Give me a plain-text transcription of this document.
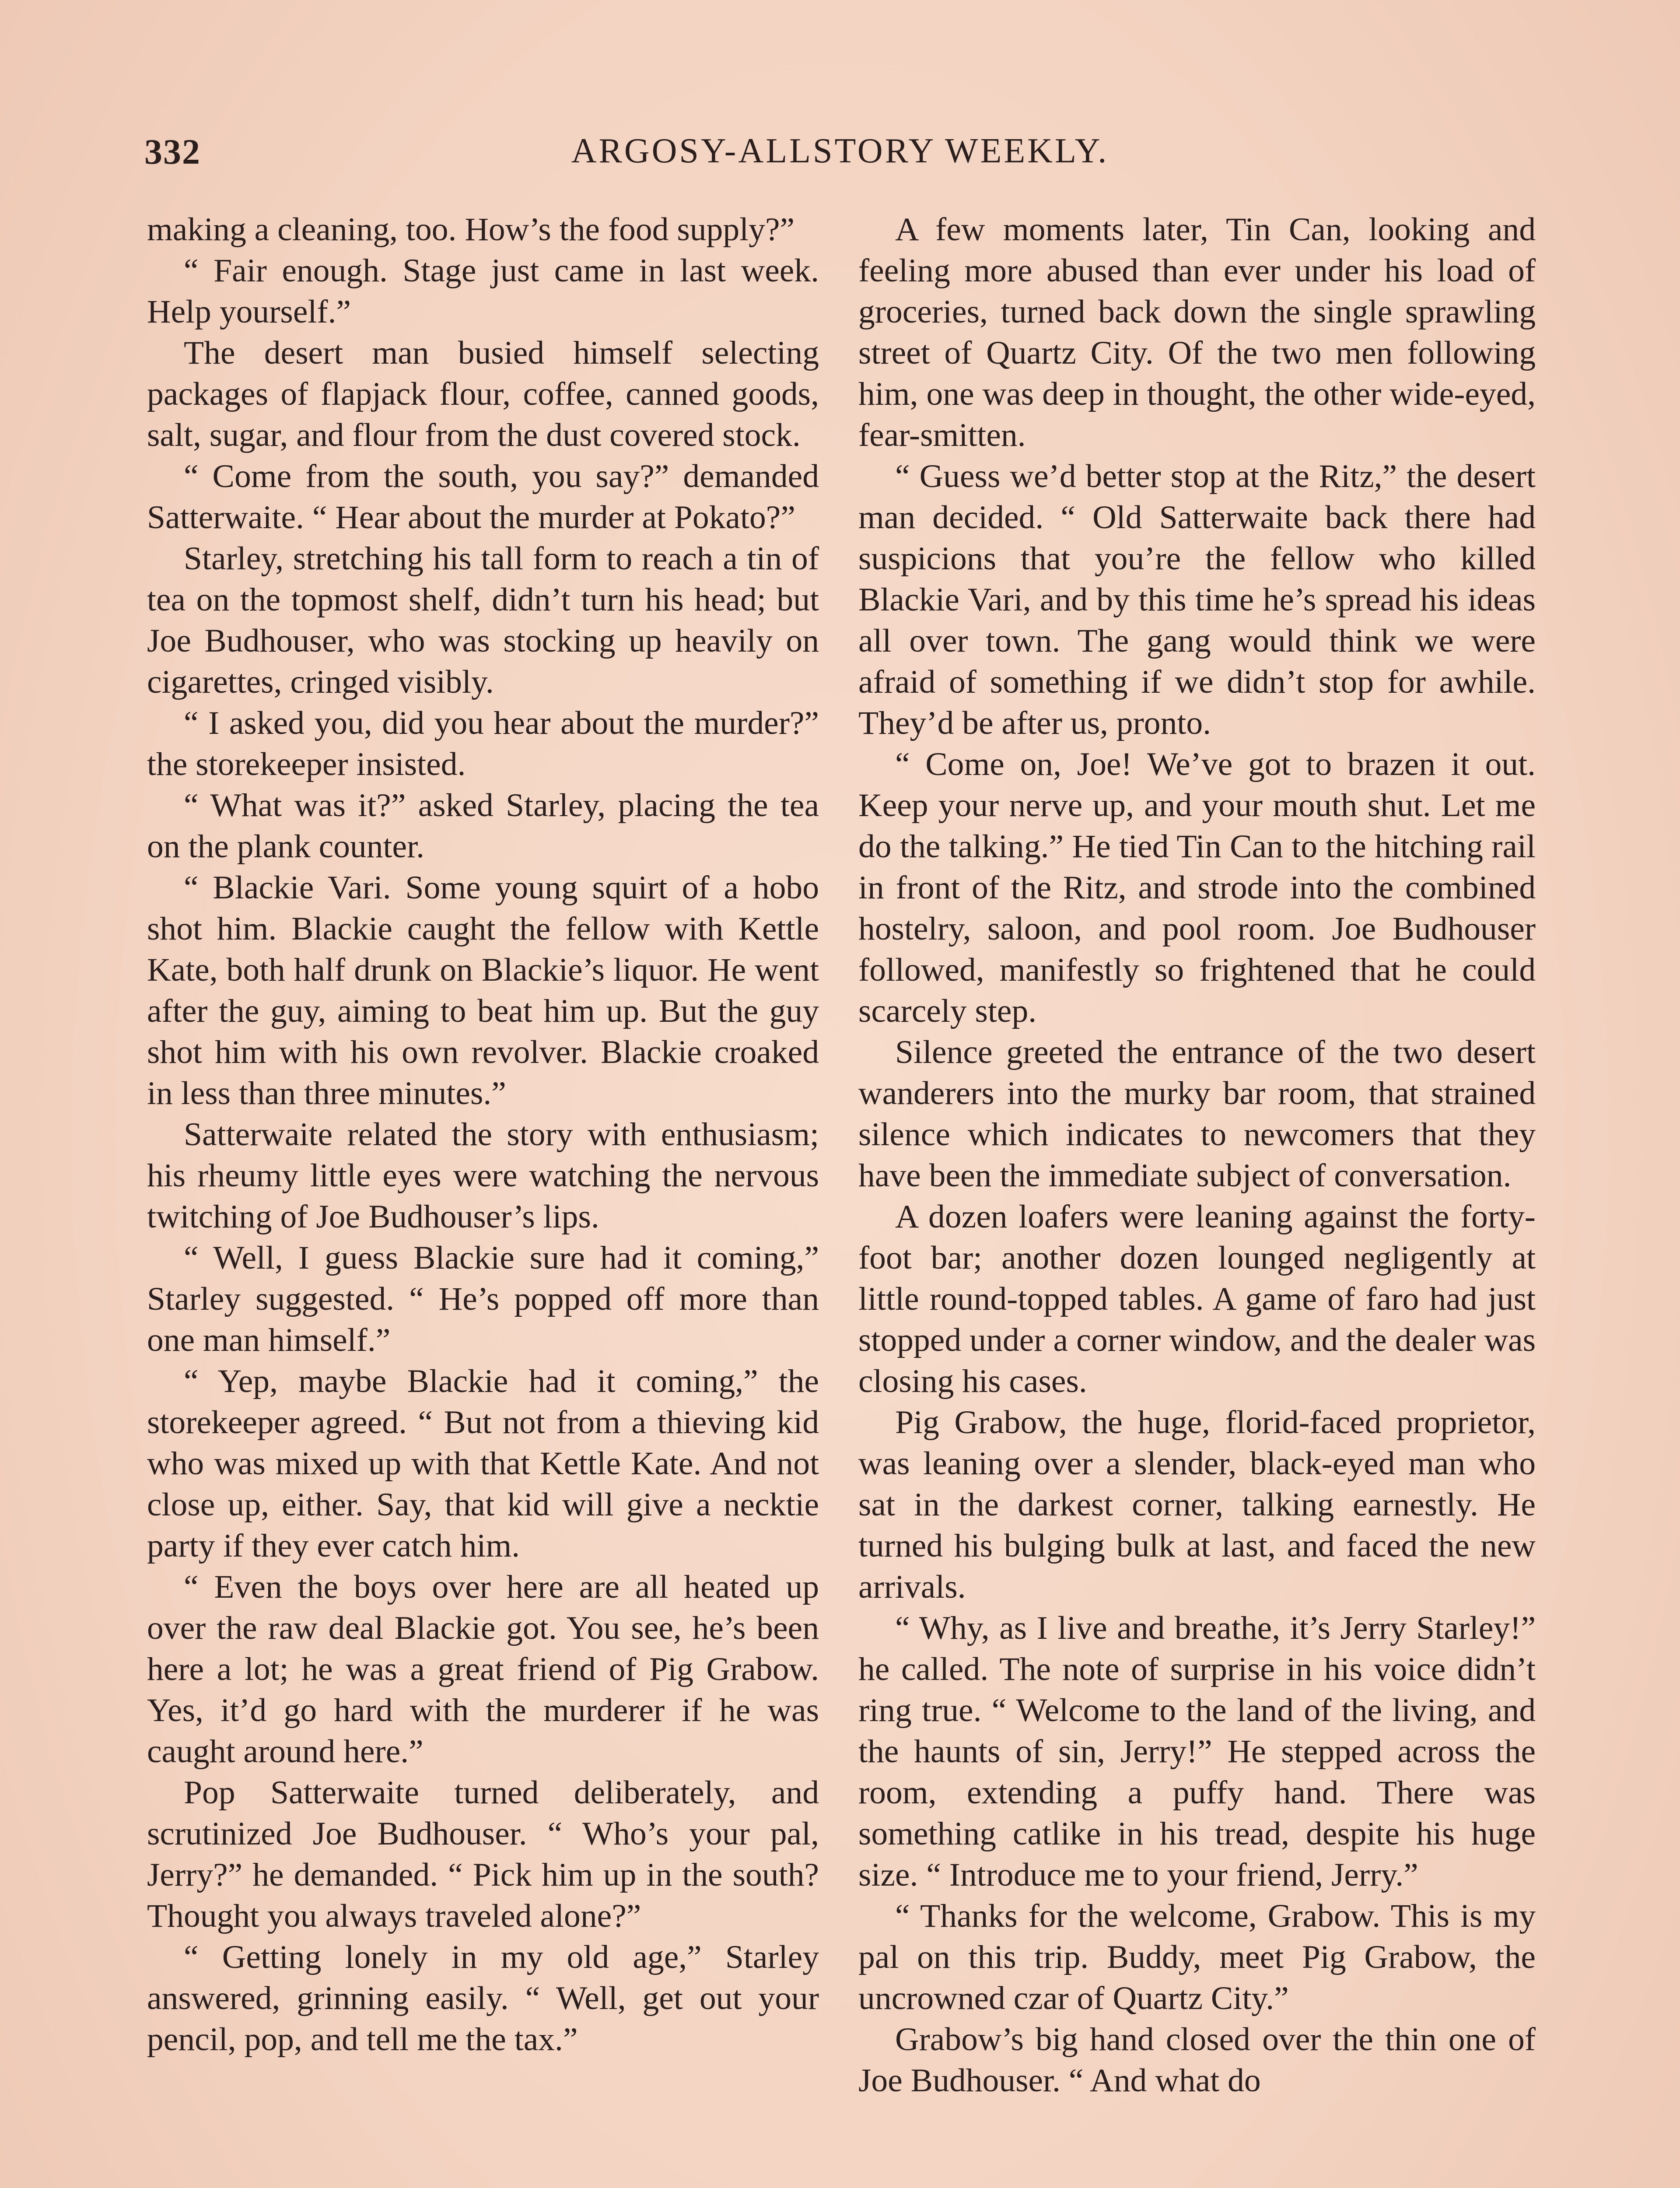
332	ARGOSY-ALLSTORY WEEKLY.

making a cleaning, too. How’s the food supply?”

“ Fair enough. Stage just came in last week. Help yourself.”

The desert man busied himself selecting packages of flapjack flour, coffee, canned goods, salt, sugar, and flour from the dust covered stock.

“ Come from the south, you say?” demanded Satterwaite. “ Hear about the murder at Pokato?”

Starley, stretching his tall form to reach a tin of tea on the topmost shelf, didn’t turn his head; but Joe Budhouser, who was stocking up heavily on cigarettes, cringed visibly.

“ I asked you, did you hear about the murder?” the storekeeper insisted.

“ What was it?” asked Starley, placing the tea on the plank counter.

“ Blackie Vari. Some young squirt of a hobo shot him. Blackie caught the fellow with Kettle Kate, both half drunk on Blackie’s liquor. He went after the guy, aiming to beat him up. But the guy shot him with his own revolver. Blackie croaked in less than three minutes.”

Satterwaite related the story with enthusiasm; his rheumy little eyes were watching the nervous twitching of Joe Budhouser’s lips.

“ Well, I guess Blackie sure had it coming,” Starley suggested. “ He’s popped off more than one man himself.”

“ Yep, maybe Blackie had it coming,” the storekeeper agreed. “ But not from a thieving kid who was mixed up with that Kettle Kate. And not close up, either. Say, that kid will give a necktie party if they ever catch him.

“ Even the boys over here are all heated up over the raw deal Blackie got. You see, he’s been here a lot; he was a great friend of Pig Grabow. Yes, it’d go hard with the murderer if he was caught around here.”

Pop Satterwaite turned deliberately, and scrutinized Joe Budhouser. “ Who’s your pal, Jerry?” he demanded. “ Pick him up in the south? Thought you always traveled alone?”

“ Getting lonely in my old age,” Starley answered, grinning easily. “ Well, get out your pencil, pop, and tell me the tax.”

A few moments later, Tin Can, looking and feeling more abused than ever under his load of groceries, turned back down the single sprawling street of Quartz City. Of the two men following him, one was deep in thought, the other wide-eyed, fear-smitten.

“ Guess we’d better stop at the Ritz,” the desert man decided. “ Old Satterwaite back there had suspicions that you’re the fellow who killed Blackie Vari, and by this time he’s spread his ideas all over town. The gang would think we were afraid of something if we didn’t stop for awhile. They’d be after us, pronto.

“ Come on, Joe! We’ve got to brazen it out. Keep your nerve up, and your mouth shut. Let me do the talking.” He tied Tin Can to the hitching rail in front of the Ritz, and strode into the combined hostelry, saloon, and pool room. Joe Budhouser followed, manifestly so frightened that he could scarcely step.

Silence greeted the entrance of the two desert wanderers into the murky bar room, that strained silence which indicates to newcomers that they have been the immediate subject of conversation.

A dozen loafers were leaning against the forty-foot bar; another dozen lounged negligently at little round-topped tables. A game of faro had just stopped under a corner window, and the dealer was closing his cases.

Pig Grabow, the huge, florid-faced proprietor, was leaning over a slender, black-eyed man who sat in the darkest corner, talking earnestly. He turned his bulging bulk at last, and faced the new arrivals.

“ Why, as I live and breathe, it’s Jerry Starley!” he called. The note of surprise in his voice didn’t ring true. “ Welcome to the land of the living, and the haunts of sin, Jerry!” He stepped across the room, extending a puffy hand. There was something catlike in his tread, despite his huge size. “ Introduce me to your friend, Jerry.”

“ Thanks for the welcome, Grabow. This is my pal on this trip. Buddy, meet Pig Grabow, the uncrowned czar of Quartz City.”

Grabow’s big hand closed over the thin one of Joe Budhouser. “ And what do
